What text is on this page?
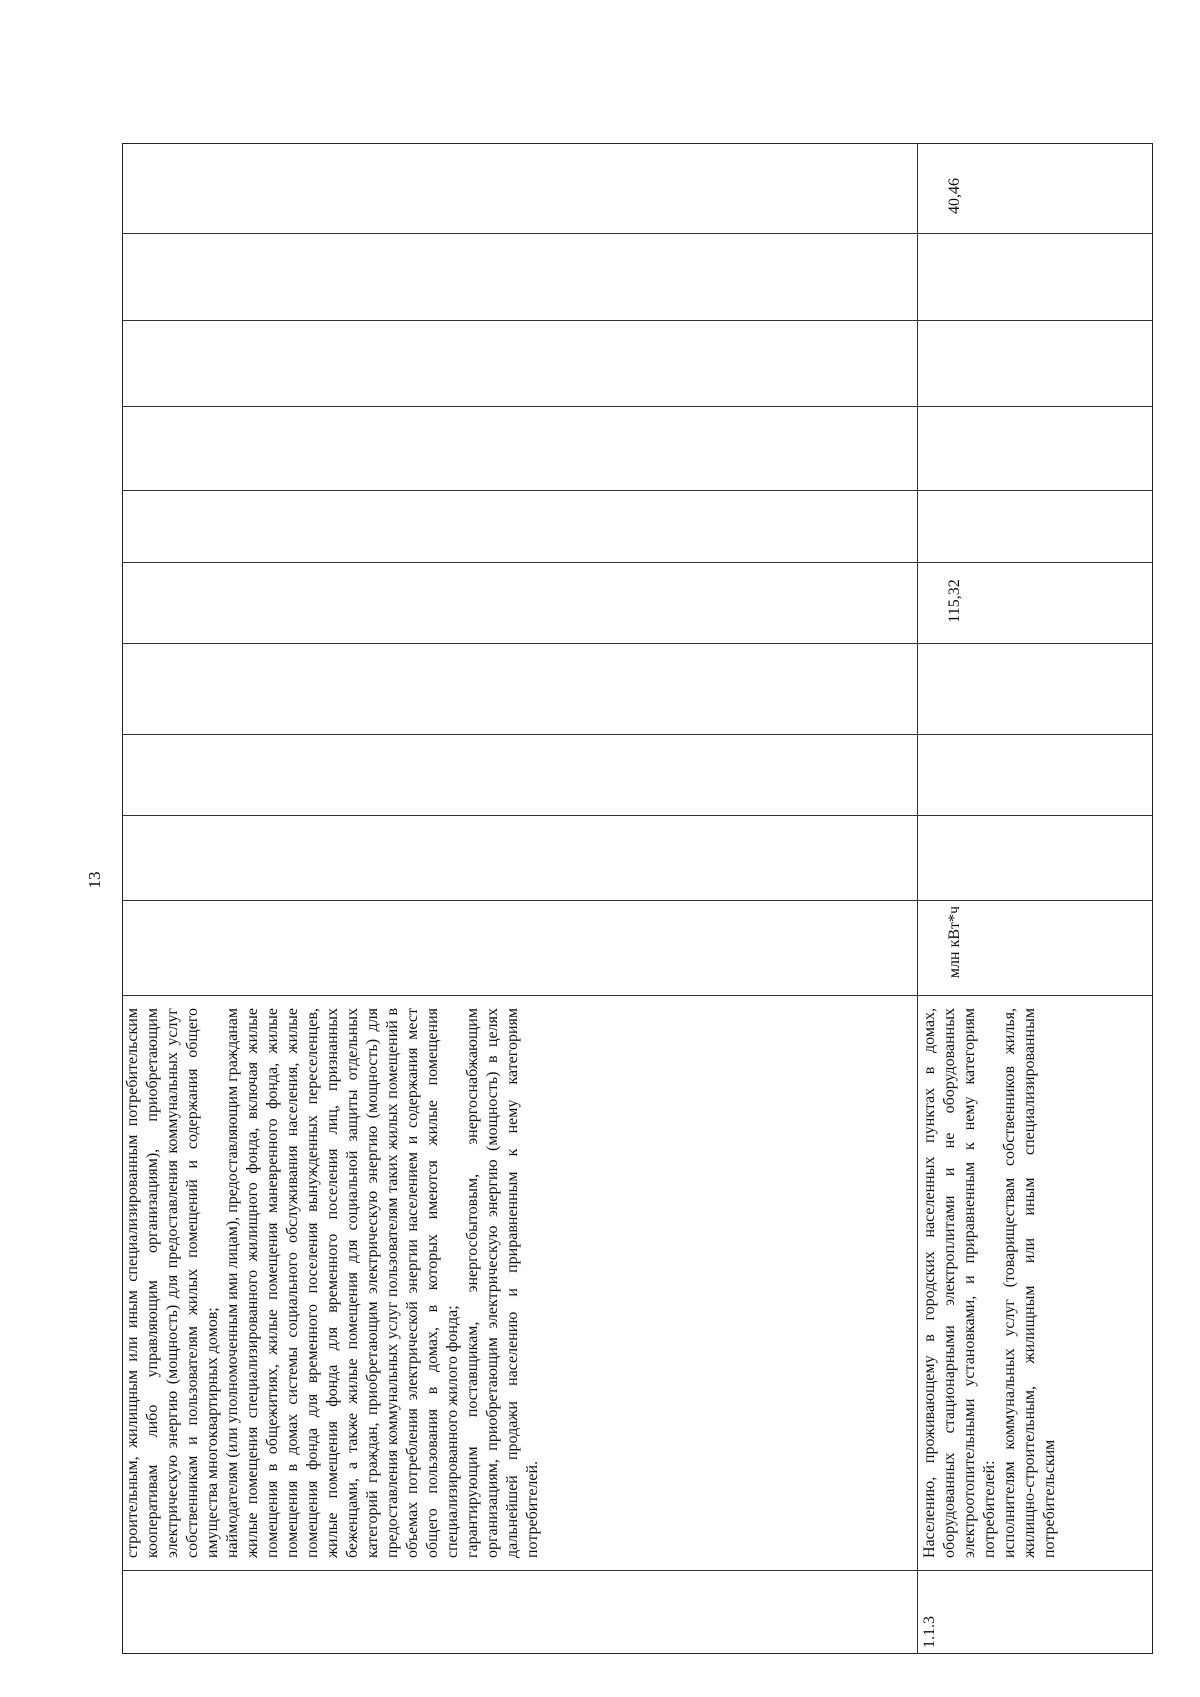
13

строительным, жилищным или иным специализированным потребительским кооперативам либо управляющим организациям), приобретающим электрическую энергию (мощность) для предоставления коммунальных услуг собственникам и пользователям жилых помещений и содержания общего имущества многоквартирных домов; наймодателям (или уполномоченным ими лицам), предоставляющим гражданам жилые помещения специализированного жилищного фонда, включая жилые помещения в общежитиях, жилые помещения маневренного фонда, жилые помещения в домах системы социального обслуживания населения, жилые помещения фонда для временного поселения вынужденных переселенцев, жилые помещения фонда для временного поселения лиц, признанных беженцами, а также жилые помещения для социальной защиты отдельных категорий граждан, приобретающим электрическую энергию (мощность) для предоставления коммунальных услуг пользователям таких жилых помещений в объемах потребления электрической энергии населением и содержания мест общего пользования в домах, в которых имеются жилые помещения специализированного жилого фонда; гарантирующим поставщикам, энергосбытовым, энергоснабжающим организациям, приобретающим электрическую энергию (мощность) в целях дальнейшей продажи населению и приравненным к нему категориям потребителей.

1.1.3

Населению, проживающему в городских населенных пунктах в домах, оборудованных стационарными электроплитами и не оборудованных электроотопительными установками, и приравненным к нему категориям потребителей: исполнителям коммунальных услуг (товариществам собственников жилья, жилищно-строительным, жилищным или иным специализированным потребительским

млн кВт*ч
115,32
40,46
